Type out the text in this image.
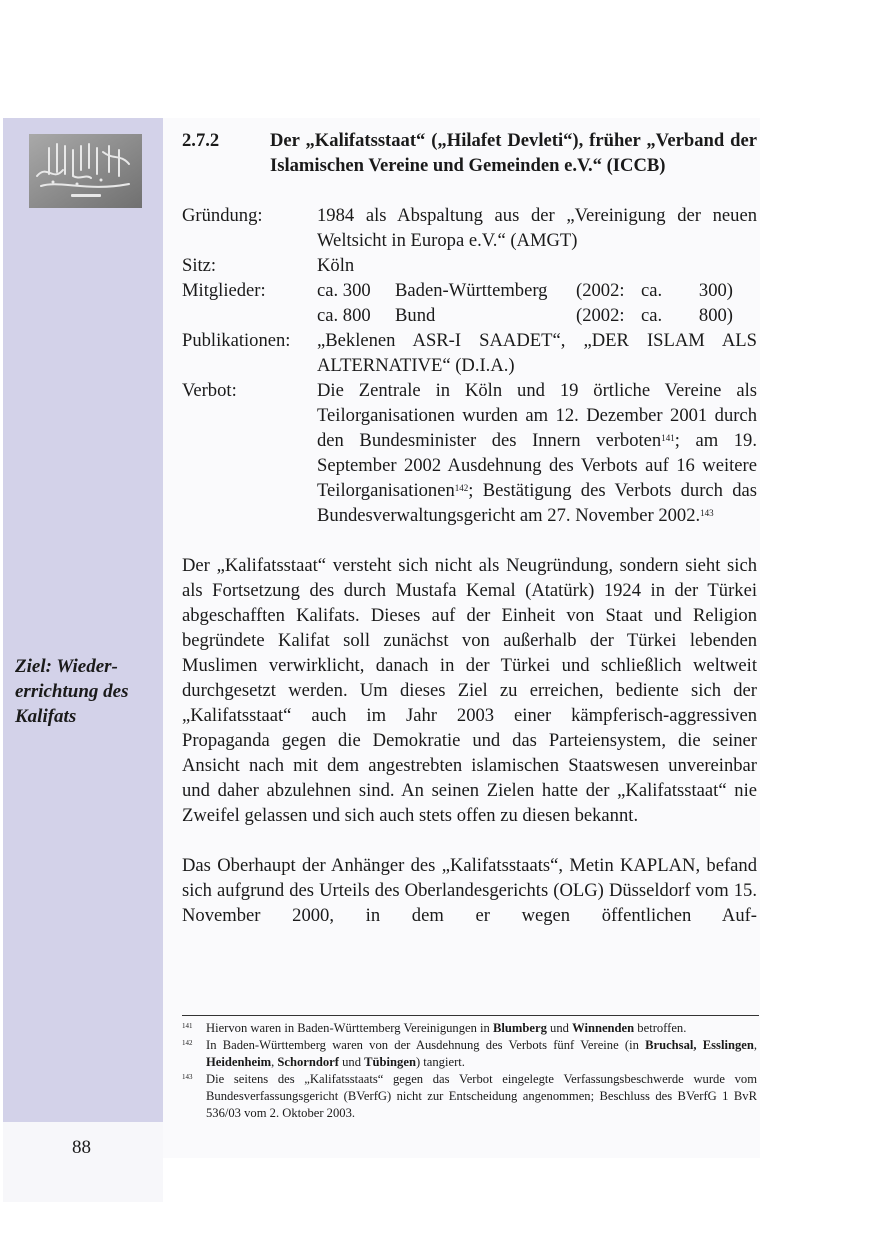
Ziel: Wieder-
errichtung des
Kalifats
88
2.7.2	Der „Kalifatsstaat“ („Hilafet Devleti“), früher „Verband der Islamischen Vereine und Gemeinden e.V.“ (ICCB)
Gründung:	1984 als Abspaltung aus der „Vereinigung der neuen Weltsicht in Europa e.V.“ (AMGT)
Sitz:	Köln
Mitglieder:	ca. 300	Baden-Württemberg	(2002: ca.	300)
ca. 800	Bund	(2002: ca.	800)
Publikationen:	„Beklenen ASR-I SAADET“, „DER ISLAM ALS ALTERNATIVE“ (D.I.A.)
Verbot:	Die Zentrale in Köln und 19 örtliche Vereine als Teilorganisationen wurden am 12. Dezember 2001 durch den Bundesminister des Innern verboten$^{141}$; am 19. September 2002 Ausdehnung des Verbots auf 16 weitere Teilorganisationen$^{142}$; Bestätigung des Verbots durch das Bundesverwaltungsgericht am 27. November 2002.$^{143}$

Der „Kalifatsstaat“ versteht sich nicht als Neugründung, sondern sieht sich als Fortsetzung des durch Mustafa Kemal (Atatürk) 1924 in der Türkei abgeschafften Kalifats. Dieses auf der Einheit von Staat und Religion begründete Kalifat soll zunächst von außerhalb der Türkei lebenden Muslimen verwirklicht, danach in der Türkei und schließlich weltweit durchgesetzt werden. Um dieses Ziel zu erreichen, bediente sich der „Kalifatsstaat“ auch im Jahr 2003 einer kämpferisch-aggressiven Propaganda gegen die Demokratie und das Parteiensystem, die seiner Ansicht nach mit dem angestrebten islamischen Staatswesen unvereinbar und daher abzulehnen sind. An seinen Zielen hatte der „Kalifatsstaat“ nie Zweifel gelassen und sich auch stets offen zu diesen bekannt.

Das Oberhaupt der Anhänger des „Kalifatsstaats“, Metin KAPLAN, befand sich aufgrund des Urteils des Oberlandesgerichts (OLG) Düsseldorf vom 15. November 2000, in dem er wegen öffentlichen Auf-

141	Hiervon waren in Baden-Württemberg Vereinigungen in Blumberg und Winnenden betroffen.
142	In Baden-Württemberg waren von der Ausdehnung des Verbots fünf Vereine (in Bruchsal, Esslingen, Heidenheim, Schorndorf und Tübingen) tangiert.
143	Die seitens des „Kalifatsstaats“ gegen das Verbot eingelegte Verfassungsbeschwerde wurde vom Bundesverfassungsgericht (BVerfG) nicht zur Entscheidung angenommen; Beschluss des BVerfG 1 BvR 536/03 vom 2. Oktober 2003.
